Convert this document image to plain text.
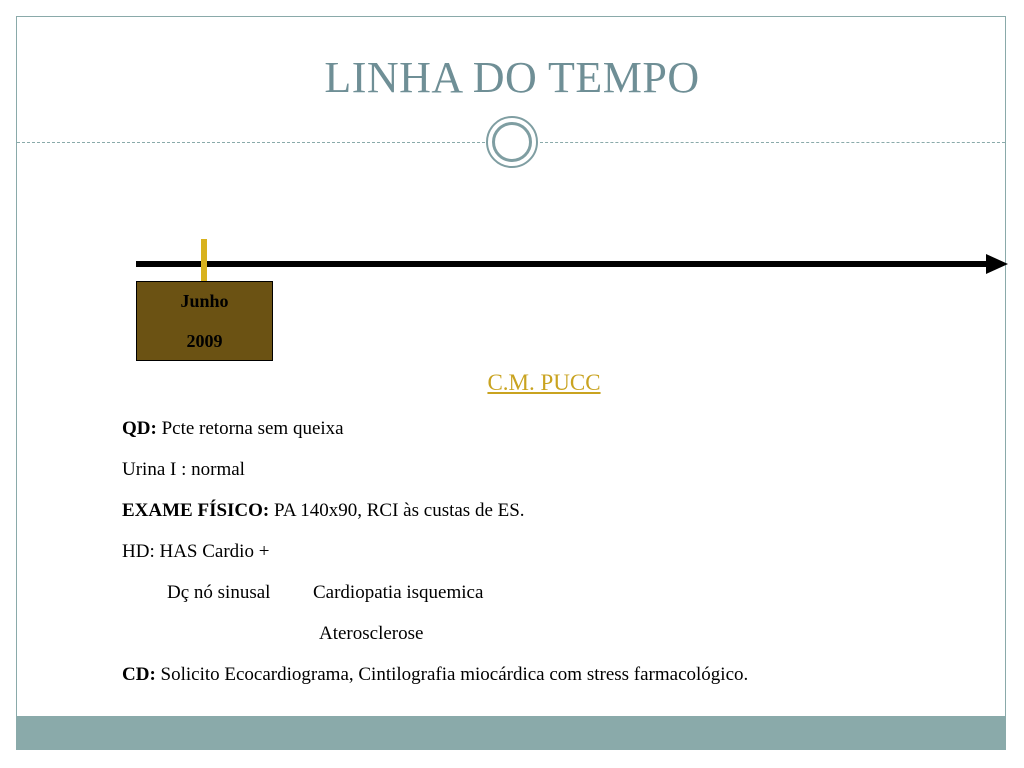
LINHA DO TEMPO
Junho
2009
C.M. PUCC
QD: Pcte retorna sem queixa
Urina I : normal
EXAME FÍSICO: PA 140x90, RCI às custas de ES.
HD: HAS Cardio +
Dç nó sinusal Cardiopatia isquemica
Aterosclerose
CD: Solicito Ecocardiograma, Cintilografia miocárdica com stress farmacológico.
